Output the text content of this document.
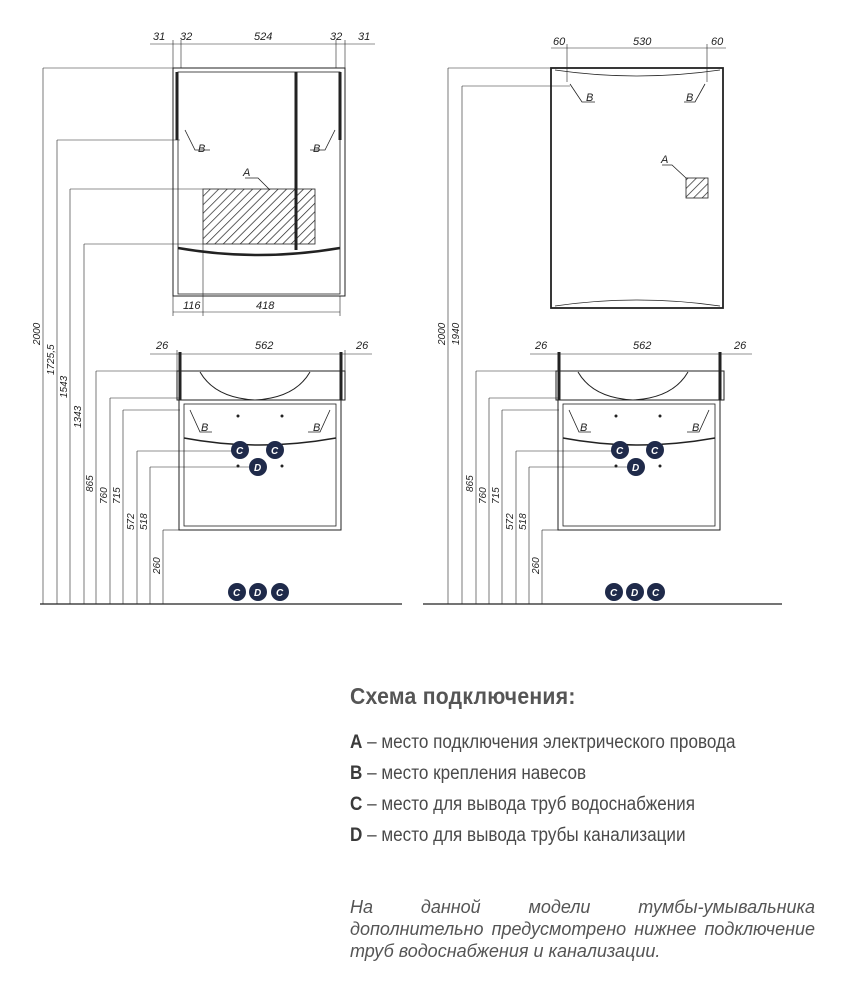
31 32	524	32 31
116	418
26	562	26
2000
1725,5
1543
1343
865
760 715
572 518
260
B	B
A
B	B
C	C
D
C D C
60	530	60
26	562	26
2000 1940
865
760 715
572 518
260
B	B
A
B	B
C	C
D
C D C
Схема подключения:
A – место подключения электрического провода
B – место крепления навесов
C – место для вывода труб водоснабжения
D – место для вывода трубы канализации
На данной модели тумбы-умывальника дополнительно предусмотрено нижнее подключение труб водоснабжения и канализации.
